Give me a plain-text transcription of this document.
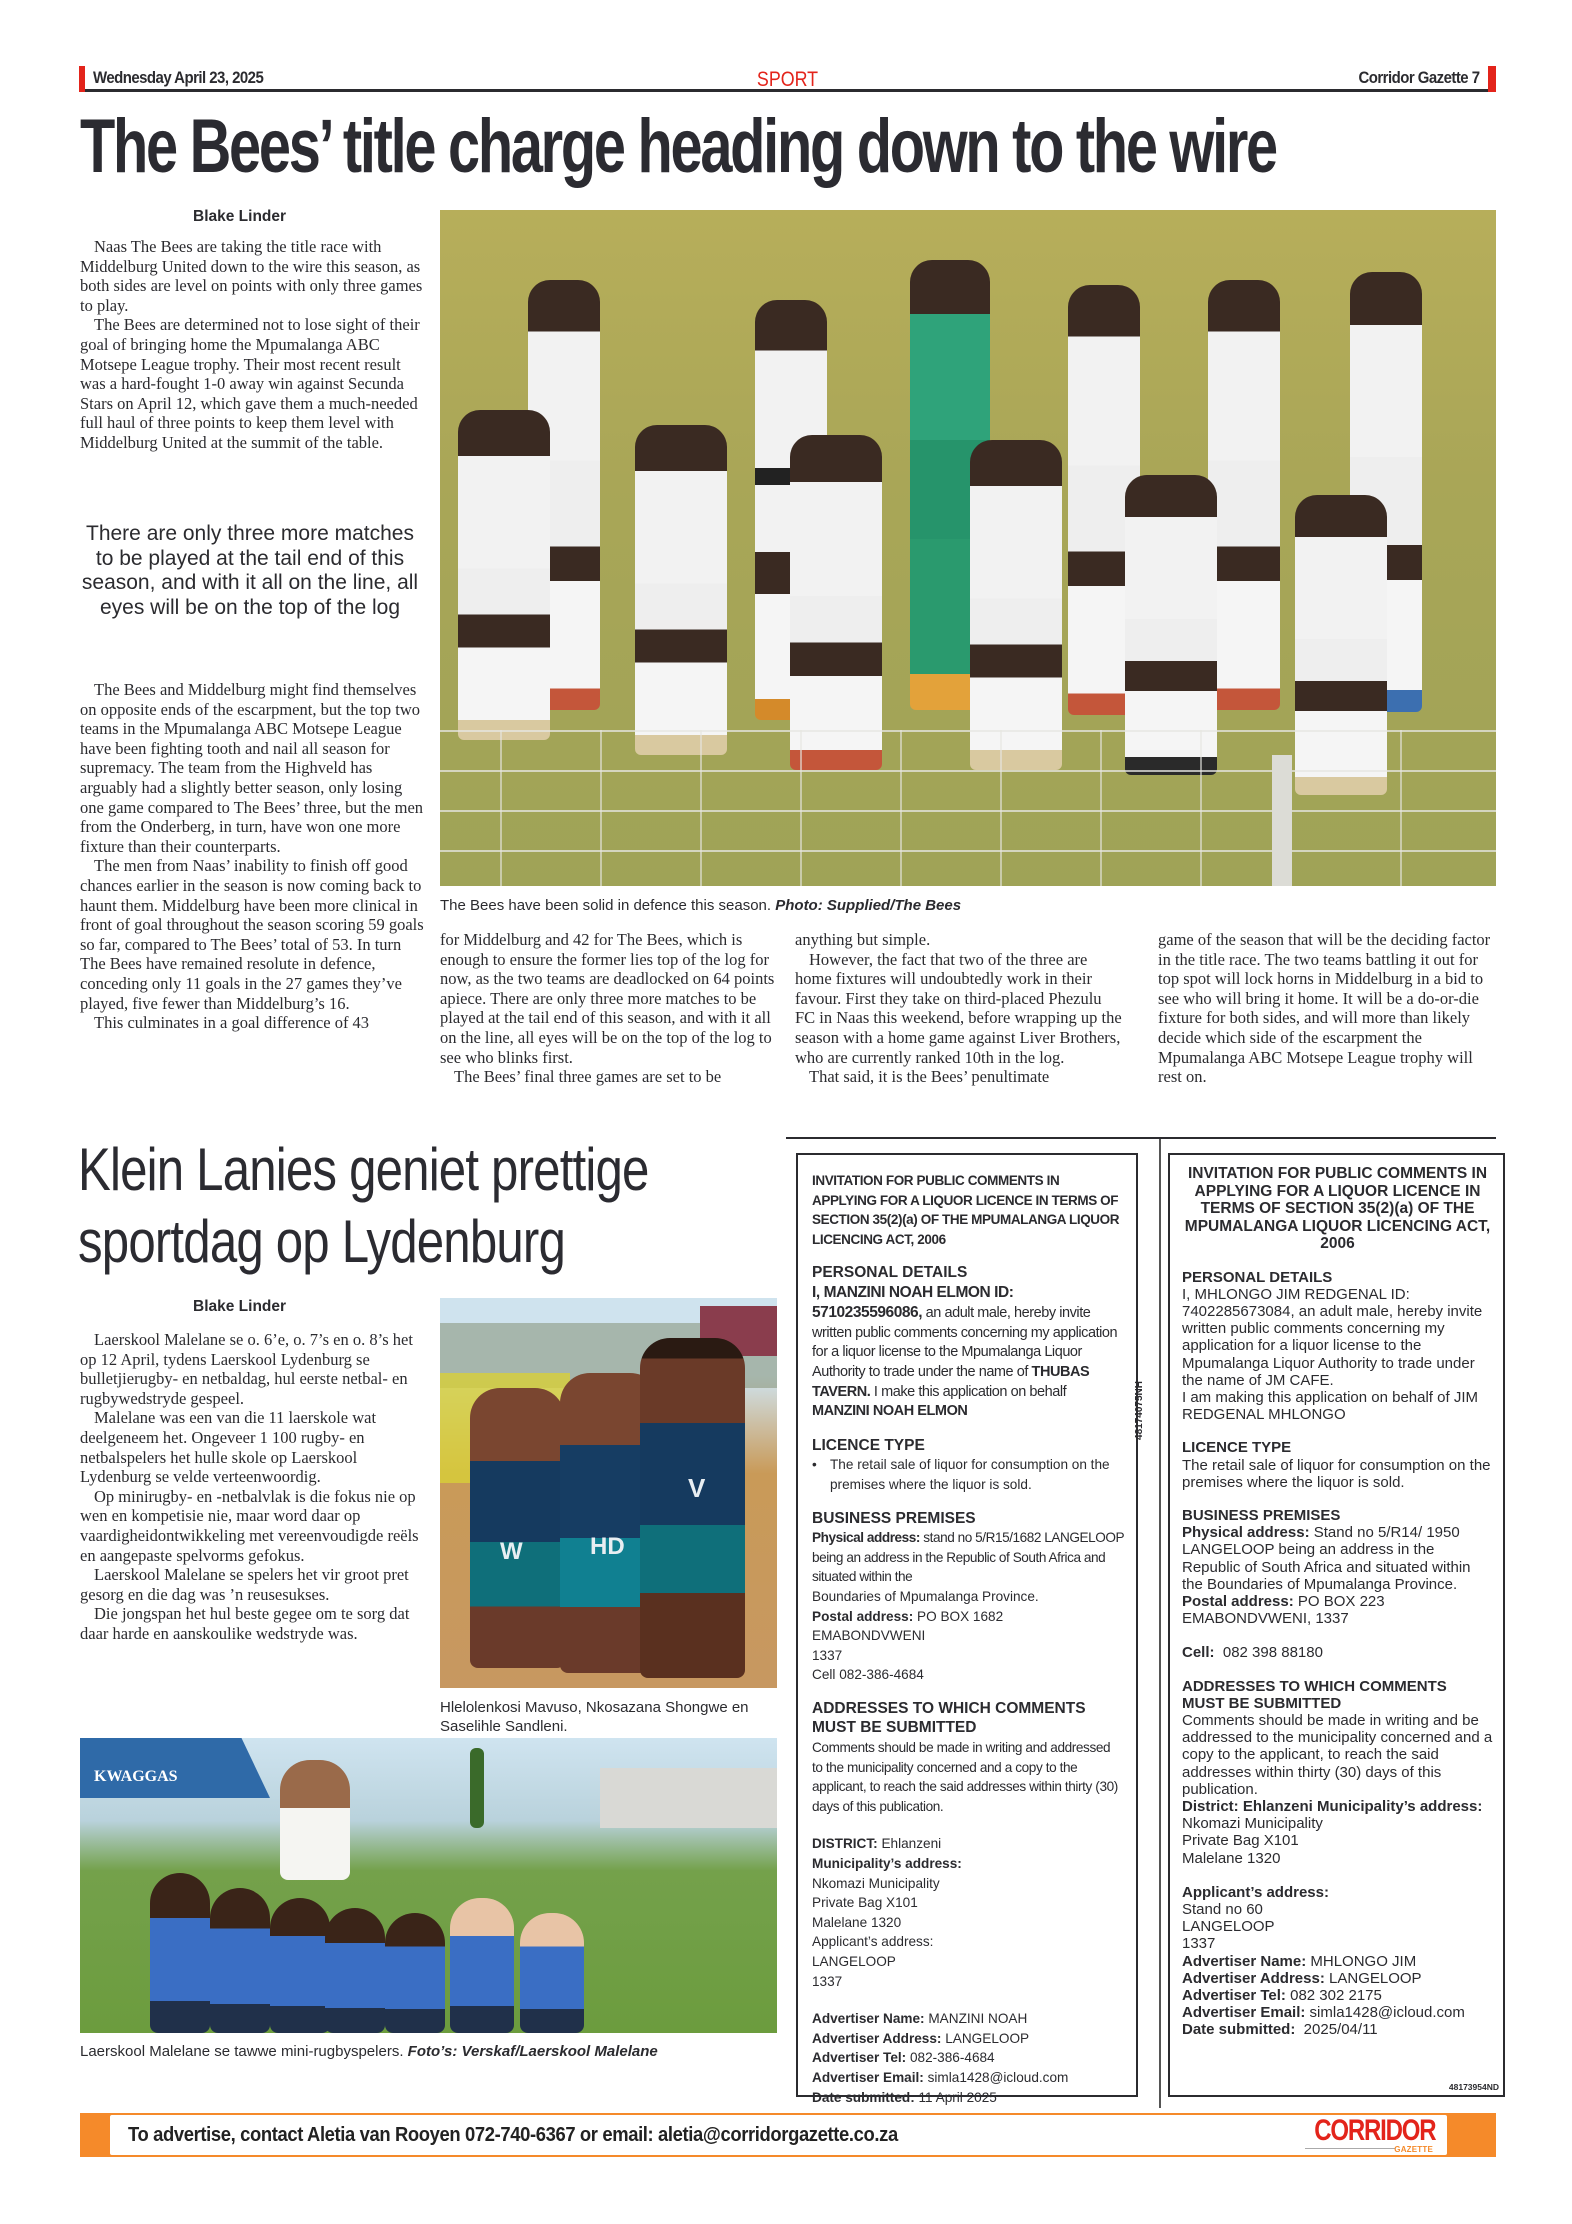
Wednesday April 23, 2025	SPORT	Corridor Gazette 7
The Bees’ title charge heading down to the wire
Blake Linder

Naas The Bees are taking the title race with Middelburg United down to the wire this season, as both sides are level on points with only three games to play.

The Bees are determined not to lose sight of their goal of bringing home the Mpumalanga ABC Motsepe League trophy. Their most recent result was a hard-fought 1-0 away win against Secunda Stars on April 12, which gave them a much-needed full haul of three points to keep them level with Middelburg United at the summit of the table.

There are only three more matches to be played at the tail end of this season, and with it all on the line, all eyes will be on the top of the log

The Bees and Middelburg might find themselves on opposite ends of the escarpment, but the top two teams in the Mpumalanga ABC Motsepe League have been fighting tooth and nail all season for supremacy. The team from the Highveld has arguably had a slightly better season, only losing one game compared to The Bees’ three, but the men from the Onderberg, in turn, have won one more fixture than their counterparts.

The men from Naas’ inability to finish off good chances earlier in the season is now coming back to haunt them. Middelburg have been more clinical in front of goal throughout the season scoring 59 goals so far, compared to The Bees’ total of 53. In turn The Bees have remained resolute in defence, conceding only 11 goals in the 27 games they’ve played, five fewer than Middelburg’s 16.

This culminates in a goal difference of 43

The Bees have been solid in defence this season. Photo: Supplied/The Bees

for Middelburg and 42 for The Bees, which is enough to ensure the former lies top of the log for now, as the two teams are deadlocked on 64 points apiece. There are only three more matches to be played at the tail end of this season, and with it all on the line, all eyes will be on the top of the log to see who blinks first.

The Bees’ final three games are set to be

anything but simple.

However, the fact that two of the three are home fixtures will undoubtedly work in their favour. First they take on third-placed Phezulu FC in Naas this weekend, before wrapping up the season with a home game against Liver Brothers, who are currently ranked 10th in the log.

That said, it is the Bees’ penultimate

game of the season that will be the deciding factor in the title race. The two teams battling it out for top spot will lock horns in Middelburg in a bid to see who will bring it home. It will be a do-or-die fixture for both sides, and will more than likely decide which side of the escarpment the Mpumalanga ABC Motsepe League trophy will rest on.

Klein Lanies geniet prettige
sportdag op Lydenburg
Blake Linder

Laerskool Malelane se o. 6’e, o. 7’s en o. 8’s het op 12 April, tydens Laerskool Lydenburg se bulletjierugby- en netbaldag, hul eerste netbal- en rugbywedstryde gespeel.

Malelane was een van die 11 laerskole wat deelgeneem het. Ongeveer 1 100 rugby- en netbalspelers het hulle skole op Laerskool Lydenburg se velde verteenwoordig.

Op minirugby- en -netbalvlak is die fokus nie op wen en kompetisie nie, maar word daar op vaardigheidontwikkeling met vereenvoudigde reëls en aangepaste spelvorms gefokus.

Laerskool Malelane se spelers het vir groot pret gesorg en die dag was ’n reusesukses.

Die jongspan het hul beste gegee om te sorg dat daar harde en aanskoulike wedstryde was.

W	HD
V
Hlelolenkosi Mavuso, Nkosazana Shongwe en Saselihle Sandleni.
KWAGGAS
Laerskool Malelane se tawwe mini-rugbyspelers. Foto’s: Verskaf/Laerskool Malelane
INVITATION FOR PUBLIC COMMENTS IN APPLYING FOR A LIQUOR LICENCE IN TERMS OF SECTION 35(2)(a) OF THE MPUMALANGA LIQUOR LICENCING ACT, 2006
PERSONAL DETAILS
I, MANZINI NOAH ELMON ID: 5710235596086, an adult male, hereby invite written public comments concerning my application for a liquor license to the Mpumalanga Liquor Authority to trade under the name of THUBAS TAVERN. I make this application on behalf MANZINI NOAH ELMON
LICENCE TYPE
• The retail sale of liquor for consumption on the premises where the liquor is sold.
BUSINESS PREMISES
Physical address: stand no 5/R15/1682 LANGELOOP being an address in the Republic of South Africa and situated within the
Boundaries of Mpumalanga Province.
Postal address: PO BOX 1682
EMABONDVWENI
1337
Cell 082-386-4684
ADDRESSES TO WHICH COMMENTS MUST BE SUBMITTED
Comments should be made in writing and addressed to the municipality concerned and a copy to the applicant, to reach the said addresses within thirty (30) days of this publication.
DISTRICT: Ehlanzeni
Municipality’s address:
Nkomazi Municipality
Private Bag X101
Malelane 1320
Applicant’s address:
LANGELOOP
1337
Advertiser Name: MANZINI NOAH
Advertiser Address: LANGELOOP
Advertiser Tel: 082-386-4684
Advertiser Email: simla1428@icloud.com
Date submitted: 11 April 2025
48174075NH
INVITATION FOR PUBLIC COMMENTS IN APPLYING FOR A LIQUOR LICENCE IN TERMS OF SECTION 35(2)(a) OF THE MPUMALANGA LIQUOR LICENCING ACT, 2006
PERSONAL DETAILS
I, MHLONGO JIM REDGENAL ID: 7402285673084, an adult male, hereby invite written public comments concerning my application for a liquor license to the Mpumalanga Liquor Authority to trade under the name of JM CAFE.
I am making this application on behalf of JIM REDGENAL MHLONGO
LICENCE TYPE
The retail sale of liquor for consumption on the premises where the liquor is sold.
BUSINESS PREMISES
Physical address: Stand no 5/R14/ 1950 LANGELOOP being an address in the Republic of South Africa and situated within the Boundaries of Mpumalanga Province.
Postal address: PO BOX 223 EMABONDVWENI, 1337
Cell:  082 398 88180
ADDRESSES TO WHICH COMMENTS MUST BE SUBMITTED
Comments should be made in writing and be addressed to the municipality concerned and a copy to the applicant, to reach the said addresses within thirty (30) days of this publication.
District: Ehlanzeni Municipality’s address:
Nkomazi Municipality
Private Bag X101
Malelane 1320
Applicant’s address:
Stand no 60
LANGELOOP
1337
Advertiser Name: MHLONGO JIM
Advertiser Address: LANGELOOP
Advertiser Tel: 082 302 2175
Advertiser Email: simla1428@icloud.com
Date submitted:  2025/04/11
48173954ND
To advertise, contact Aletia van Rooyen 072-740-6367 or email: aletia@corridorgazette.co.za	CORRIDOR
GAZETTE
